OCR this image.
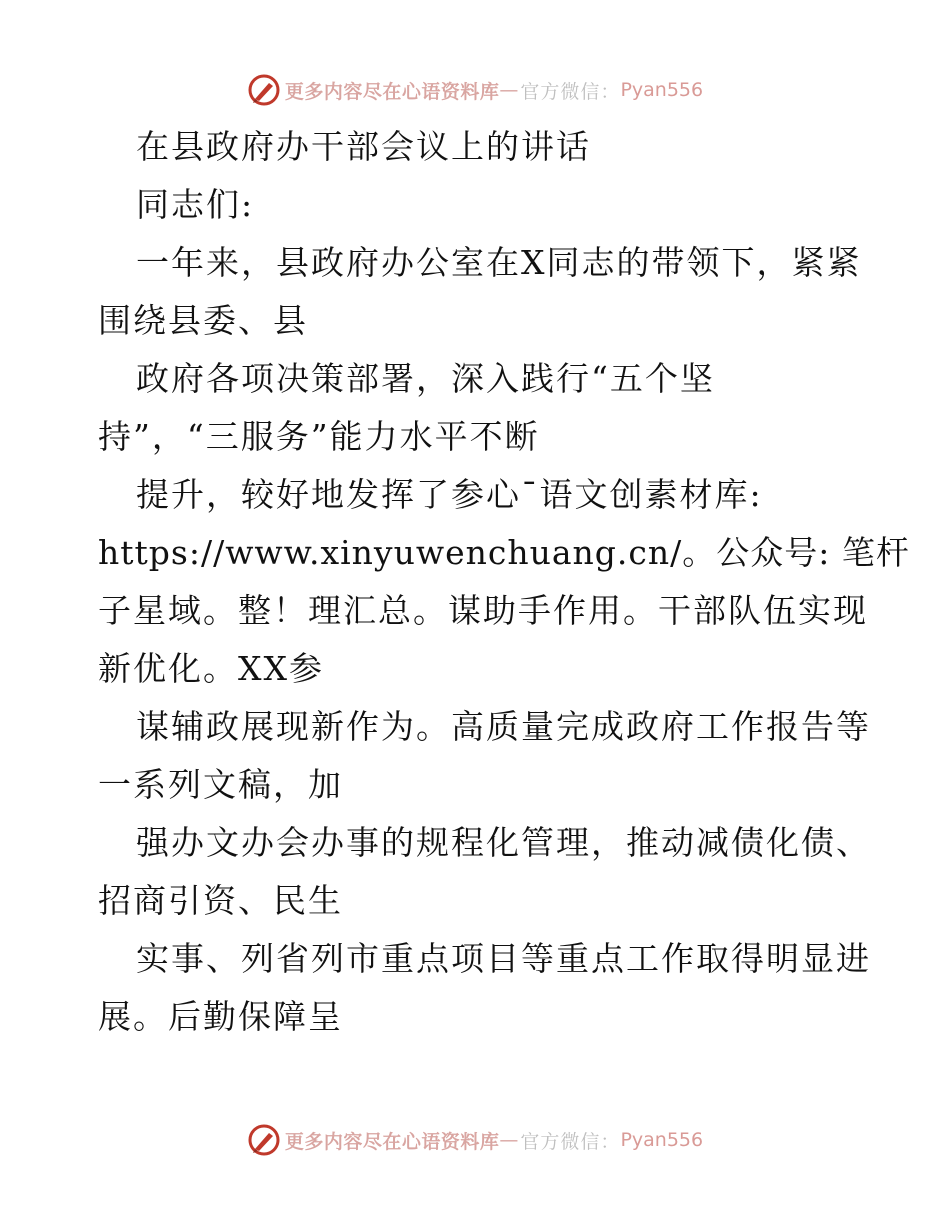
更多内容尽在心语资料库 — 官方微信： Pyan556
在县政府办干部会议上的讲话
同志们:
一年来，县政府办公室在X同志的带领下，紧紧
围绕县委、县
政府各项决策部署，深入践行“五个坚
持”，“三服务”能力水平不断
提升，较好地发挥了参心¯语文创素材库:
https://www.xinyuwenchuang.cn/。公众号: 笔杆
子星域。整！理汇总。谋助手作用。干部队伍实现
新优化。XX参
谋辅政展现新作为。高质量完成政府工作报告等
一系列文稿，加
强办文办会办事的规程化管理，推动减债化债、
招商引资、民生
实事、列省列市重点项目等重点工作取得明显进
展。后勤保障呈
更多内容尽在心语资料库 — 官方微信： Pyan556
